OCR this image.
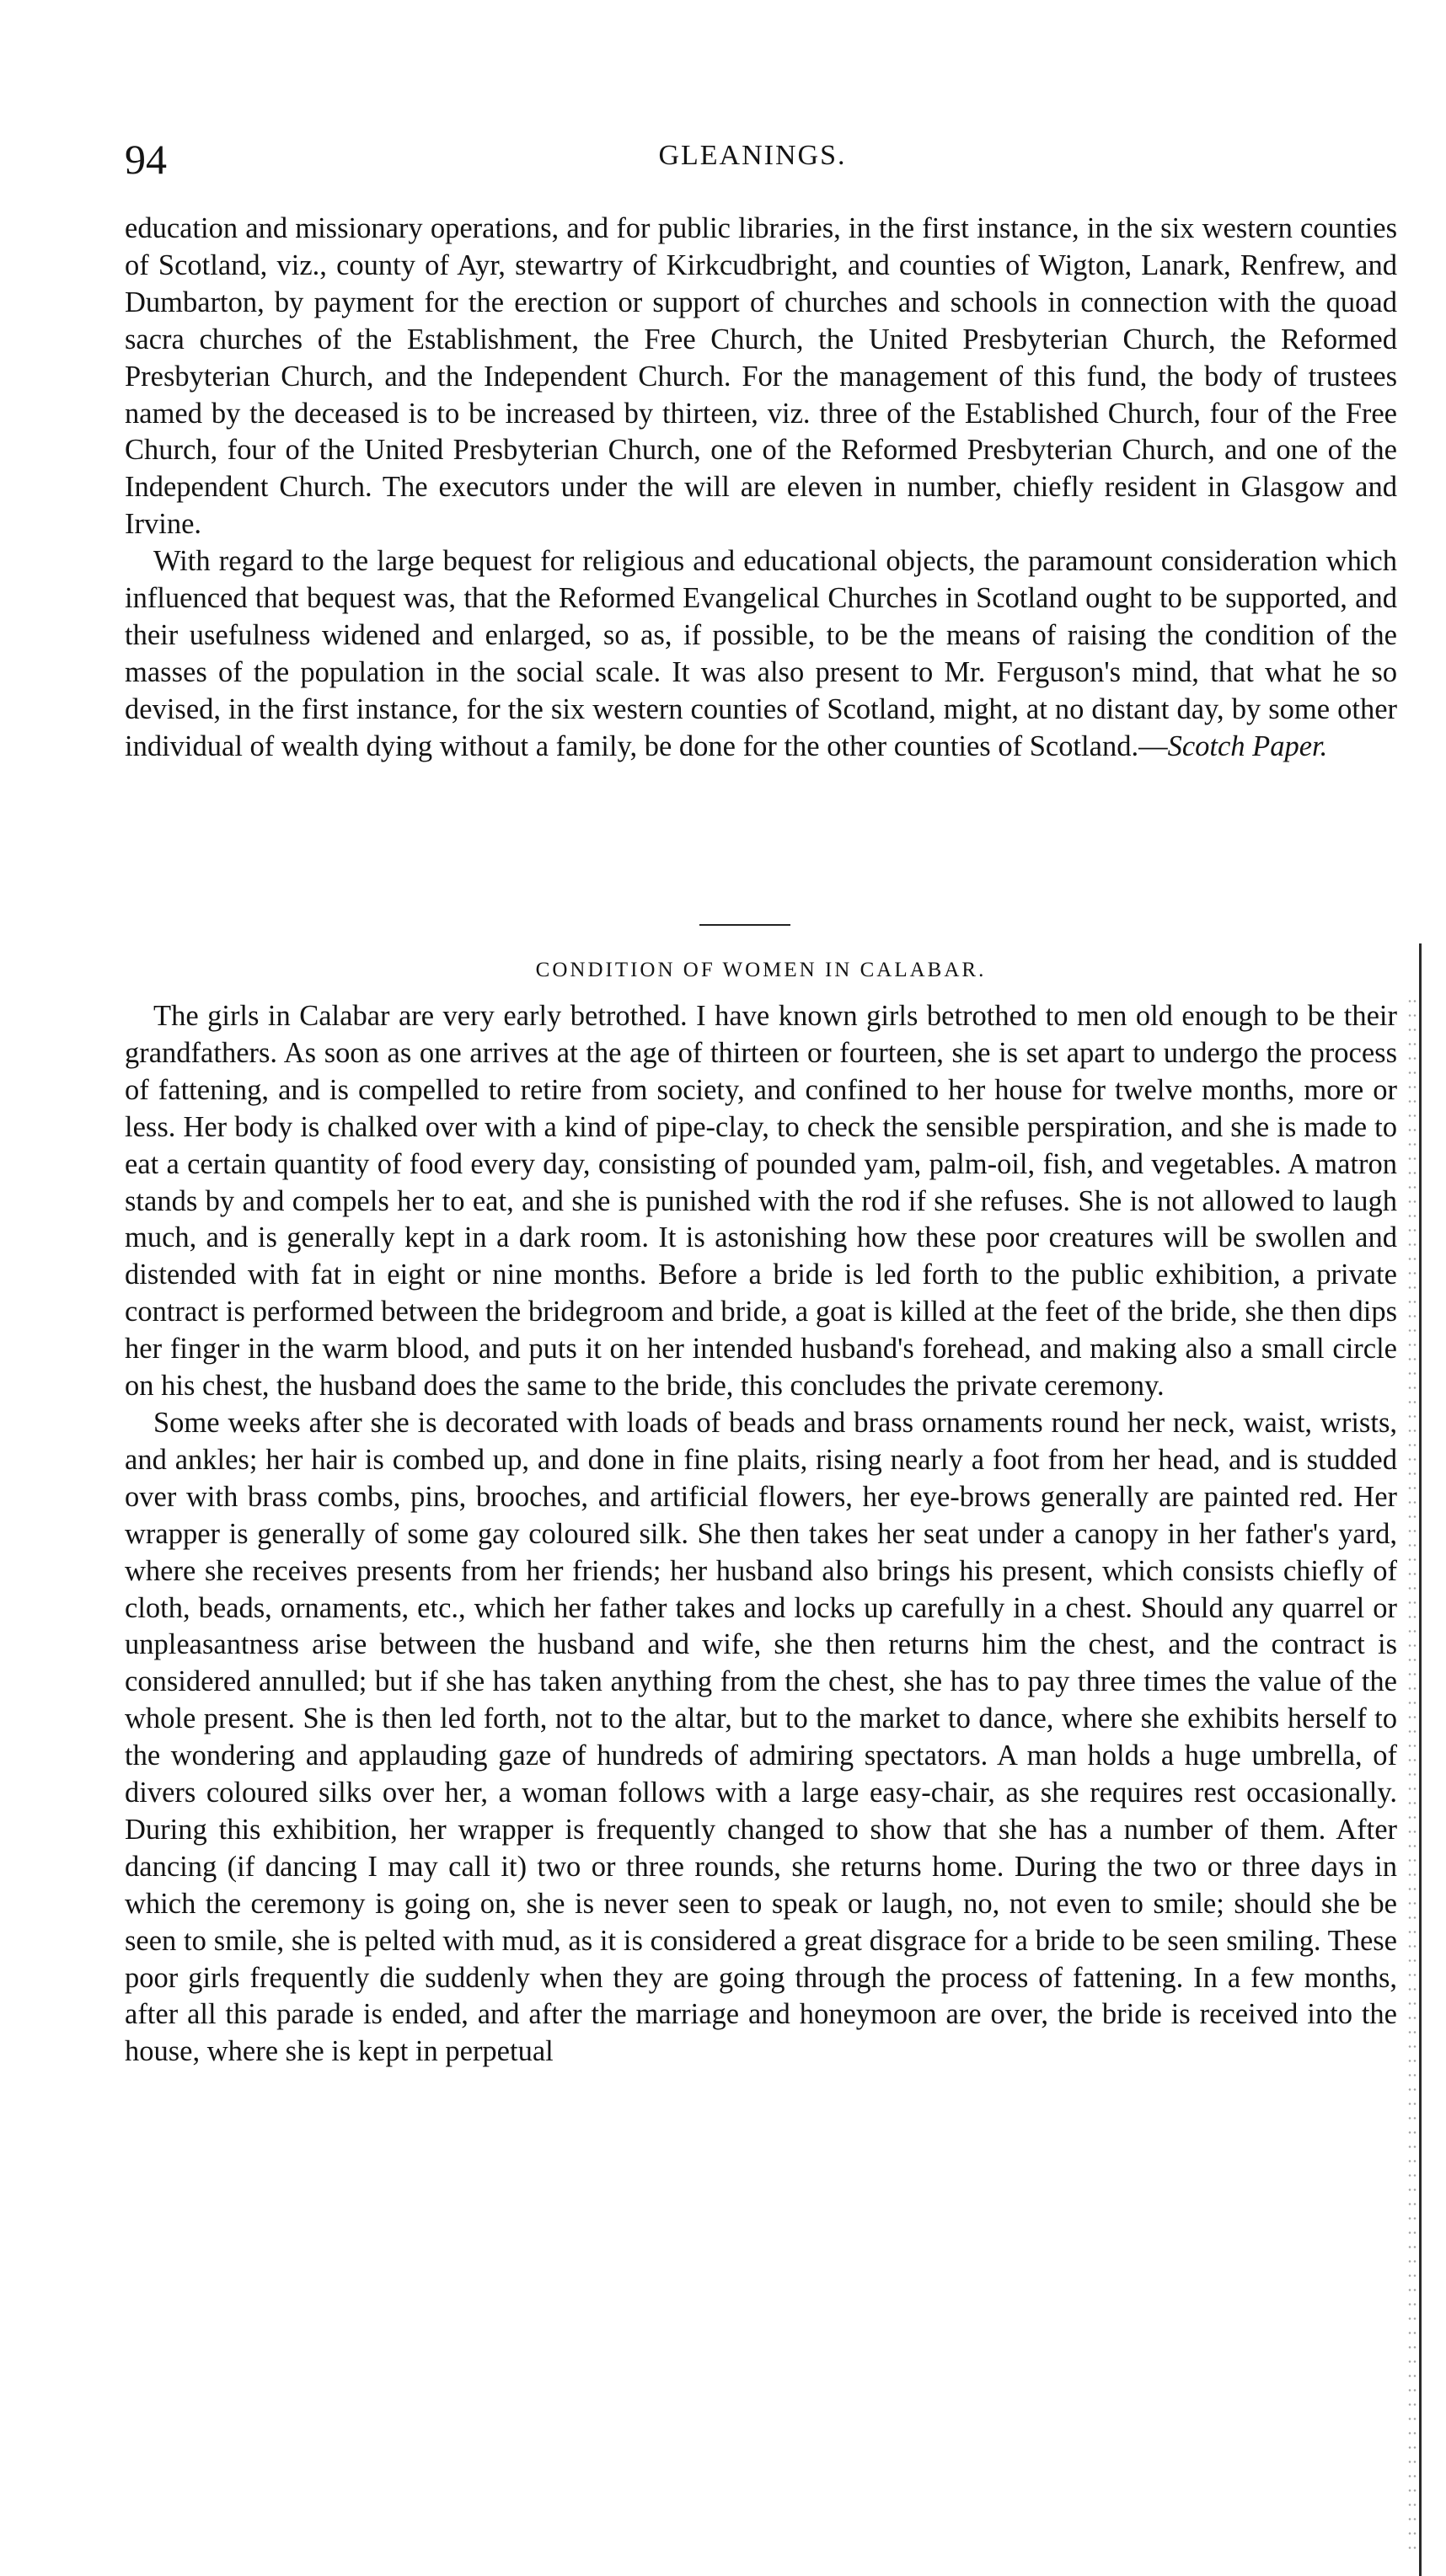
94	GLEANINGS.

education and missionary operations, and for public libraries, in the first instance, in the six western counties of Scotland, viz., county of Ayr, stewartry of Kirkcudbright, and counties of Wigton, Lanark, Renfrew, and Dumbarton, by payment for the erection or support of churches and schools in connection with the quoad sacra churches of the Establishment, the Free Church, the United Presbyterian Church, the Reformed Presbyterian Church, and the Independent Church. For the management of this fund, the body of trustees named by the deceased is to be increased by thirteen, viz. three of the Established Church, four of the Free Church, four of the United Presbyterian Church, one of the Reformed Presbyterian Church, and one of the Independent Church. The executors under the will are eleven in number, chiefly resident in Glasgow and Irvine.

With regard to the large bequest for religious and educational objects, the paramount consideration which influenced that bequest was, that the Reformed Evangelical Churches in Scotland ought to be supported, and their usefulness widened and enlarged, so as, if possible, to be the means of raising the condition of the masses of the population in the social scale. It was also present to Mr. Ferguson's mind, that what he so devised, in the first instance, for the six western counties of Scotland, might, at no distant day, by some other individual of wealth dying without a family, be done for the other counties of Scotland.—Scotch Paper.

CONDITION OF WOMEN IN CALABAR.

The girls in Calabar are very early betrothed. I have known girls betrothed to men old enough to be their grandfathers. As soon as one arrives at the age of thirteen or fourteen, she is set apart to undergo the process of fattening, and is compelled to retire from society, and confined to her house for twelve months, more or less. Her body is chalked over with a kind of pipe-clay, to check the sensible perspiration, and she is made to eat a certain quantity of food every day, consisting of pounded yam, palm-oil, fish, and vegetables. A matron stands by and compels her to eat, and she is punished with the rod if she refuses. She is not allowed to laugh much, and is generally kept in a dark room. It is astonishing how these poor creatures will be swollen and distended with fat in eight or nine months. Before a bride is led forth to the public exhibition, a private contract is performed between the bridegroom and bride, a goat is killed at the feet of the bride, she then dips her finger in the warm blood, and puts it on her intended husband's forehead, and making also a small circle on his chest, the husband does the same to the bride, this concludes the private ceremony.

Some weeks after she is decorated with loads of beads and brass ornaments round her neck, waist, wrists, and ankles; her hair is combed up, and done in fine plaits, rising nearly a foot from her head, and is studded over with brass combs, pins, brooches, and artificial flowers, her eye-brows generally are painted red. Her wrapper is generally of some gay coloured silk. She then takes her seat under a canopy in her father's yard, where she receives presents from her friends; her husband also brings his present, which consists chiefly of cloth, beads, ornaments, etc., which her father takes and locks up carefully in a chest. Should any quarrel or unpleasantness arise between the husband and wife, she then returns him the chest, and the contract is considered annulled; but if she has taken anything from the chest, she has to pay three times the value of the whole present. She is then led forth, not to the altar, but to the market to dance, where she exhibits herself to the wondering and applauding gaze of hundreds of admiring spectators. A man holds a huge umbrella, of divers coloured silks over her, a woman follows with a large easy-chair, as she requires rest occasionally. During this exhibition, her wrapper is frequently changed to show that she has a number of them. After dancing (if dancing I may call it) two or three rounds, she returns home. During the two or three days in which the ceremony is going on, she is never seen to speak or laugh, no, not even to smile; should she be seen to smile, she is pelted with mud, as it is considered a great disgrace for a bride to be seen smiling. These poor girls frequently die suddenly when they are going through the process of fattening. In a few months, after all this parade is ended, and after the marriage and honeymoon are over, the bride is received into the house, where she is kept in perpetual
